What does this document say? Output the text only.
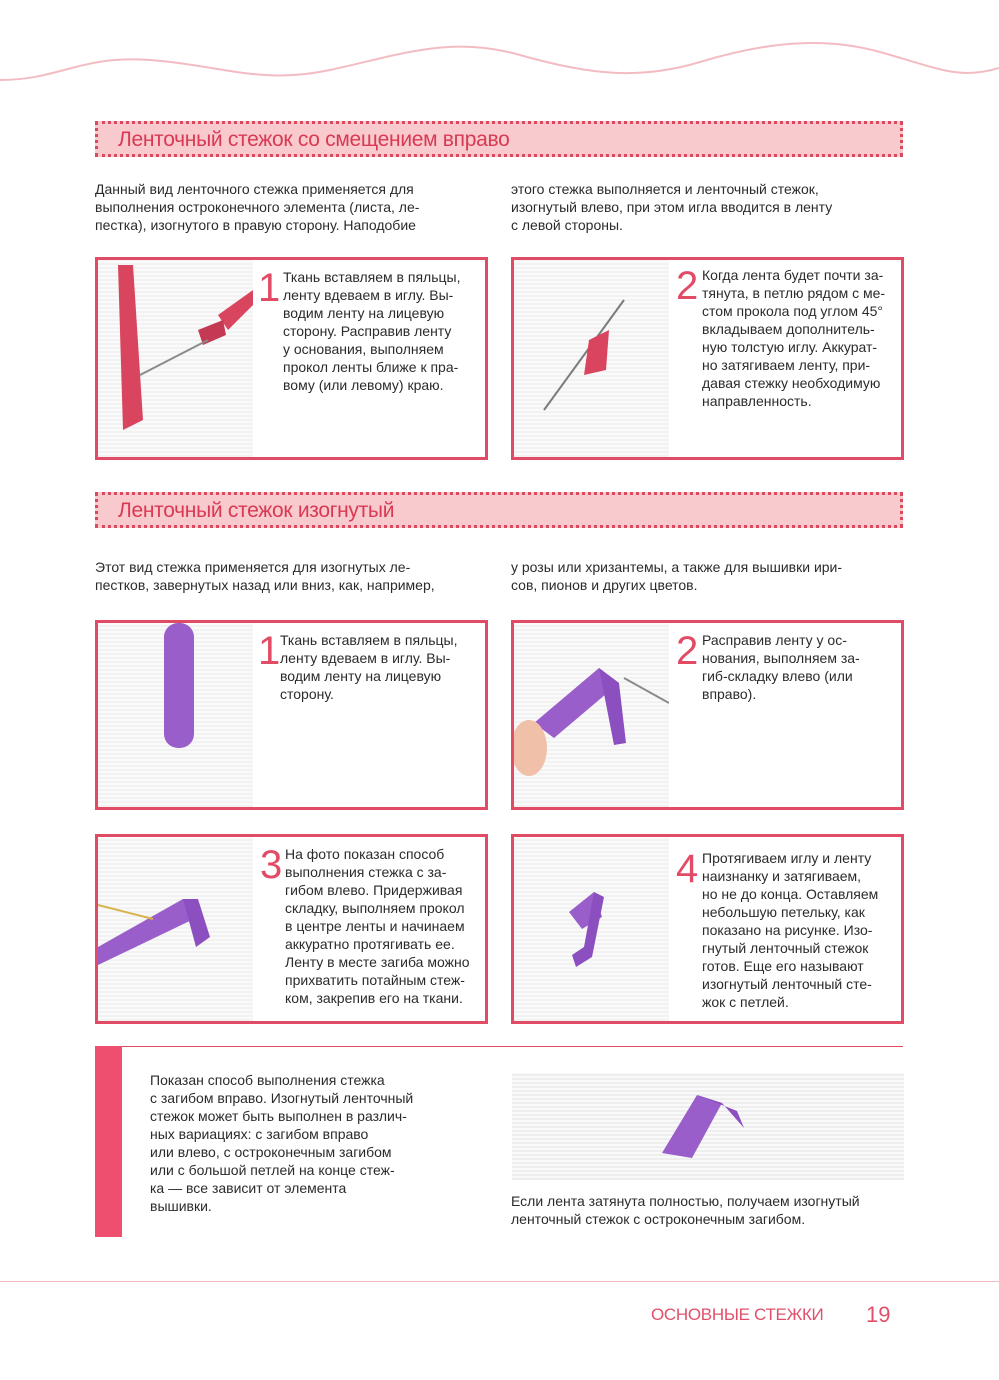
Ленточный стежок со смещением вправо
Данный вид ленточного стежка применяется для
выполнения остроконечного элемента (листа, ле-
пестка), изогнутого в правую сторону. Наподобие
этого стежка выполняется и ленточный стежок,
изогнутый влево, при этом игла вводится в ленту
с левой стороны.
1 Ткань вставляем в пяльцы,
ленту вдеваем в иглу. Вы-
водим ленту на лицевую
сторону. Расправив ленту
у основания, выполняем
прокол ленты ближе к пра-
вому (или левому) краю.
2 Когда лента будет почти за-
тянута, в петлю рядом с ме-
стом прокола под углом 45°
вкладываем дополнитель-
ную толстую иглу. Аккурат-
но затягиваем ленту, при-
давая стежку необходимую
направленность.
Ленточный стежок изогнутый
Этот вид стежка применяется для изогнутых ле-
пестков, завернутых назад или вниз, как, например,
у розы или хризантемы, а также для вышивки ири-
сов, пионов и других цветов.
1 Ткань вставляем в пяльцы,
ленту вдеваем в иглу. Вы-
водим ленту на лицевую
сторону.
2 Расправив ленту у ос-
нования, выполняем за-
гиб-складку влево (или
вправо).
3 На фото показан способ
выполнения стежка с за-
гибом влево. Придерживая
складку, выполняем прокол
в центре ленты и начинаем
аккуратно протягивать ее.
Ленту в месте загиба можно
прихватить потайным стеж-
ком, закрепив его на ткани.
4 Протягиваем иглу и ленту
наизнанку и затягиваем,
но не до конца. Оставляем
небольшую петельку, как
показано на рисунке. Изо-
гнутый ленточный стежок
готов. Еще его называют
изогнутый ленточный сте-
жок с петлей.
Показан способ выполнения стежка
с загибом вправо. Изогнутый ленточный
стежок может быть выполнен в различ-
ных вариациях: с загибом вправо
или влево, с остроконечным загибом
или с большой петлей на конце стеж-
ка — все зависит от элемента
вышивки.	Если лента затянута полностью, получаем изогнутый
ленточный стежок с остроконечным загибом.
ОСНОВНЫЕ СТЕЖКИ 19
